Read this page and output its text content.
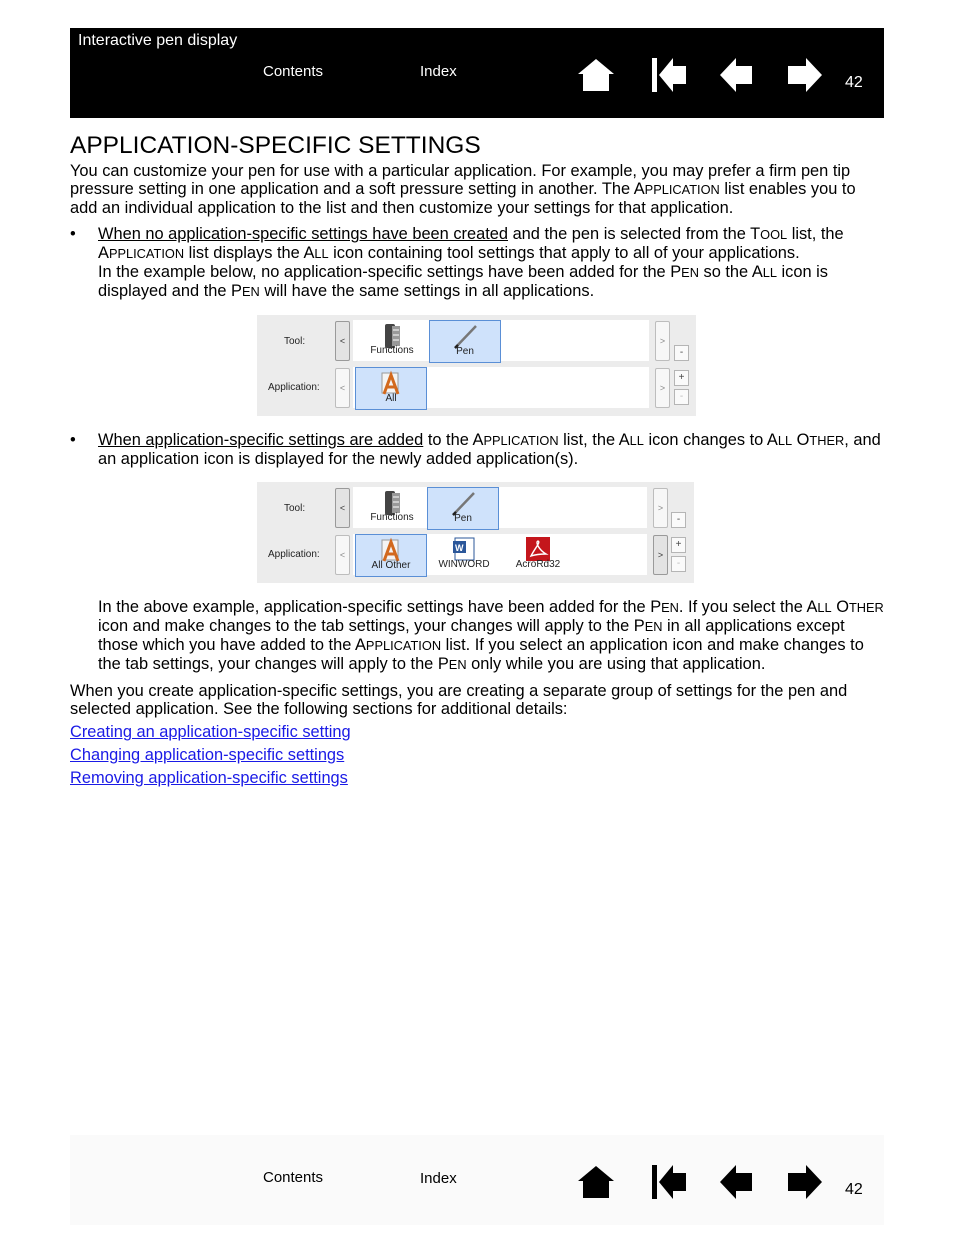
Interactive pen display
Contents	Index
42
APPLICATION-SPECIFIC SETTINGS

You can customize your pen for use with a particular application. For example, you may prefer a firm pen tip pressure setting in one application and a soft pressure setting in another. The APPLICATION list enables you to add an individual application to the list and then customize your settings for that application.

• When no application-specific settings have been created and the pen is selected from the TOOL list, the APPLICATION list displays the ALL icon containing tool settings that apply to all of your applications.
In the example below, no application-specific settings have been added for the PEN so the ALL icon is displayed and the PEN will have the same settings in all applications.
Tool:
Application:
<
Functions	Pen
>
-
<
All
>
+
-
• When application-specific settings are added to the APPLICATION list, the ALL icon changes to ALL OTHER, and an application icon is displayed for the newly added application(s).
Tool:
Application:
<
Functions	Pen
>
-
<
All Other
W
WINWORD	AcroRd32
>
+
-

In the above example, application-specific settings have been added for the PEN. If you select the ALL OTHER icon and make changes to the tab settings, your changes will apply to the PEN in all applications except those which you have added to the APPLICATION list. If you select an application icon and make changes to the tab settings, your changes will apply to the PEN only while you are using that application.

When you create application-specific settings, you are creating a separate group of settings for the pen and selected application. See the following sections for additional details:

Creating an application-specific setting
Changing application-specific settings
Removing application-specific settings
Contents	Index
42
